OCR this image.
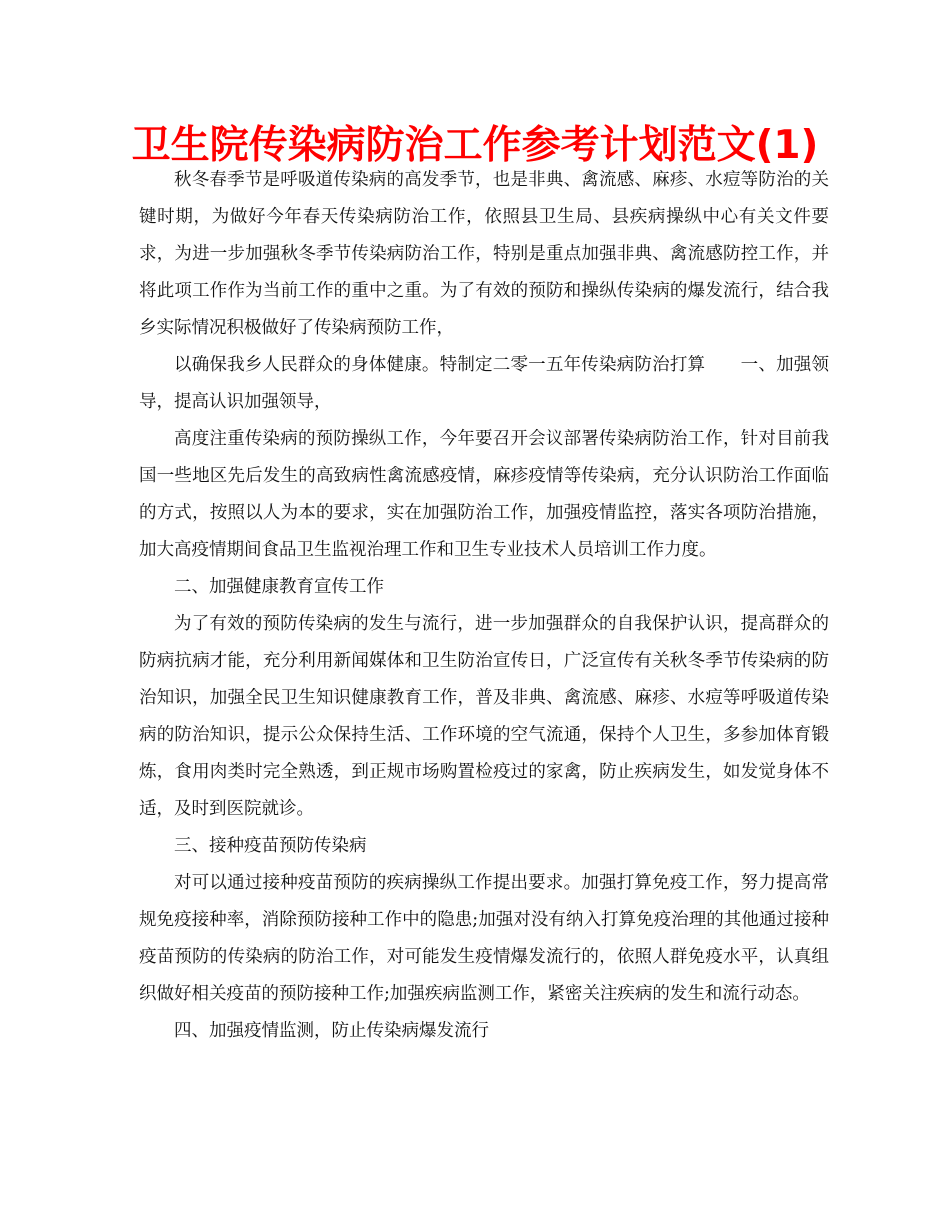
卫生院传染病防治工作参考计划范文(1)

秋冬春季节是呼吸道传染病的高发季节，也是非典、禽流感、麻疹、水痘等防治的关键时期，为做好今年春天传染病防治工作，依照县卫生局、县疾病操纵中心有关文件要求，为进一步加强秋冬季节传染病防治工作，特别是重点加强非典、禽流感防控工作，并将此项工作作为当前工作的重中之重。为了有效的预防和操纵传染病的爆发流行，结合我乡实际情况积极做好了传染病预防工作，

以确保我乡人民群众的身体健康。特制定二零一五年传染病防治打算　　一、加强领导，提高认识加强领导，

高度注重传染病的预防操纵工作，今年要召开会议部署传染病防治工作，针对目前我国一些地区先后发生的高致病性禽流感疫情，麻疹疫情等传染病，充分认识防治工作面临的方式，按照以人为本的要求，实在加强防治工作，加强疫情监控，落实各项防治措施，加大高疫情期间食品卫生监视治理工作和卫生专业技术人员培训工作力度。

二、加强健康教育宣传工作

为了有效的预防传染病的发生与流行，进一步加强群众的自我保护认识，提高群众的防病抗病才能，充分利用新闻媒体和卫生防治宣传日，广泛宣传有关秋冬季节传染病的防治知识，加强全民卫生知识健康教育工作，普及非典、禽流感、麻疹、水痘等呼吸道传染病的防治知识，提示公众保持生活、工作环境的空气流通，保持个人卫生，多参加体育锻炼，食用肉类时完全熟透，到正规市场购置检疫过的家禽，防止疾病发生，如发觉身体不适，及时到医院就诊。

三、接种疫苗预防传染病

对可以通过接种疫苗预防的疾病操纵工作提出要求。加强打算免疫工作，努力提高常规免疫接种率，消除预防接种工作中的隐患;加强对没有纳入打算免疫治理的其他通过接种疫苗预防的传染病的防治工作，对可能发生疫情爆发流行的，依照人群免疫水平，认真组织做好相关疫苗的预防接种工作;加强疾病监测工作，紧密关注疾病的发生和流行动态。

四、加强疫情监测，防止传染病爆发流行
